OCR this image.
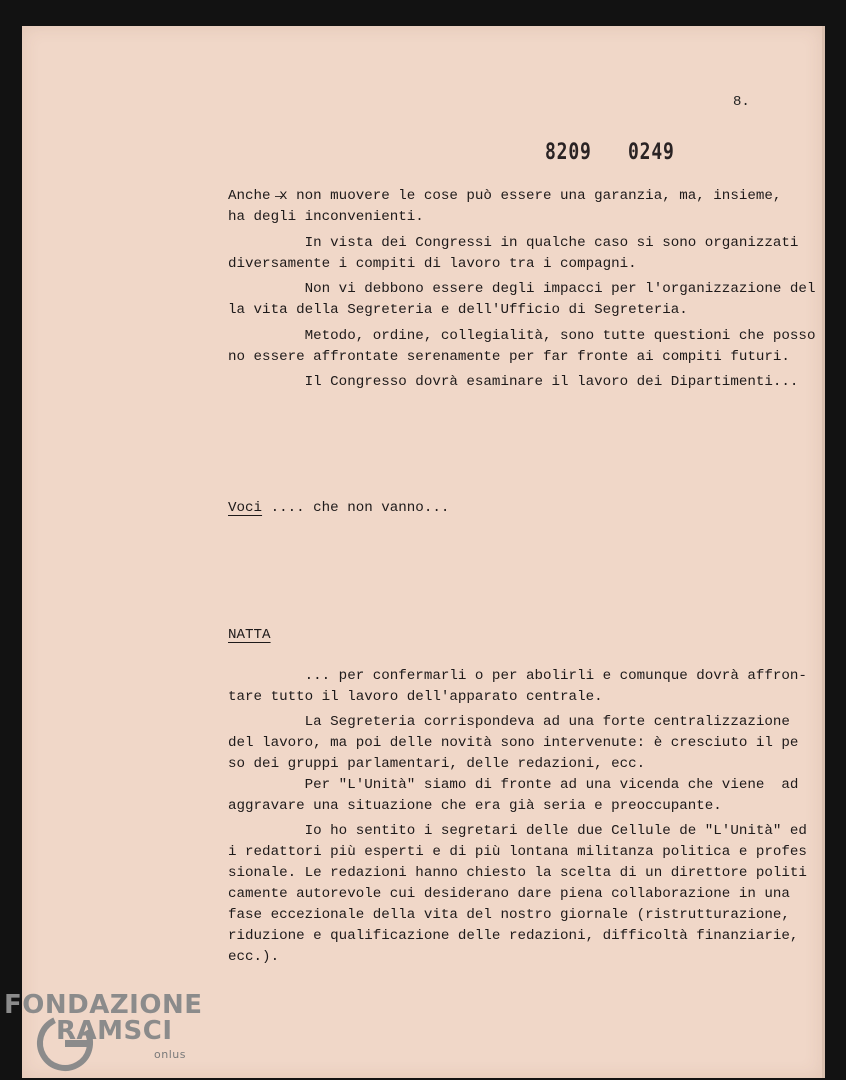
8.
8209 0249
Anche ̶x non muovere le cose può essere una garanzia, ma, insieme,
ha degli inconvenienti.
In vista dei Congressi in qualche caso si sono organizzati
diversamente i compiti di lavoro tra i compagni.
Non vi debbono essere degli impacci per l'organizzazione
la vita della Segreteria e dell'Ufficio di Segreteria.
Metodo, ordine, collegialità, sono tutte questioni che
no essere affrontate serenamente per far fronte ai compiti futuri.
Il Congresso dovrà esaminare il lavoro dei Dipartimenti...
Voci .... che non vanno...
NATTA
... per confermarli o per abolirli e comunque dovrà affron-
tare tutto il lavoro dell'apparato centrale.
La Segreteria corrispondeva ad una forte centralizzazione
del lavoro, ma poi delle novità sono intervenute: è cresciuto il
so dei gruppi parlamentari, delle redazioni, ecc.
Per "L'Unità" siamo di fronte ad una vicenda che viene
aggravare una situazione che era già seria e preoccupante.
Io ho sentito i segretari delle due Cellule de "L'Unità"
i redattori più esperti e di più lontana militanza politica e profes
sionale. Le redazioni hanno chiesto la scelta di un direttore politi
camente autorevole cui desiderano dare piena collaborazione in una
fase eccezionale della vita del nostro giornale (ristrutturazione,
riduzione e qualificazione delle redazioni, difficoltà finanziarie,
ecc.).
FONDAZIONE
RAMSCI
onlus
